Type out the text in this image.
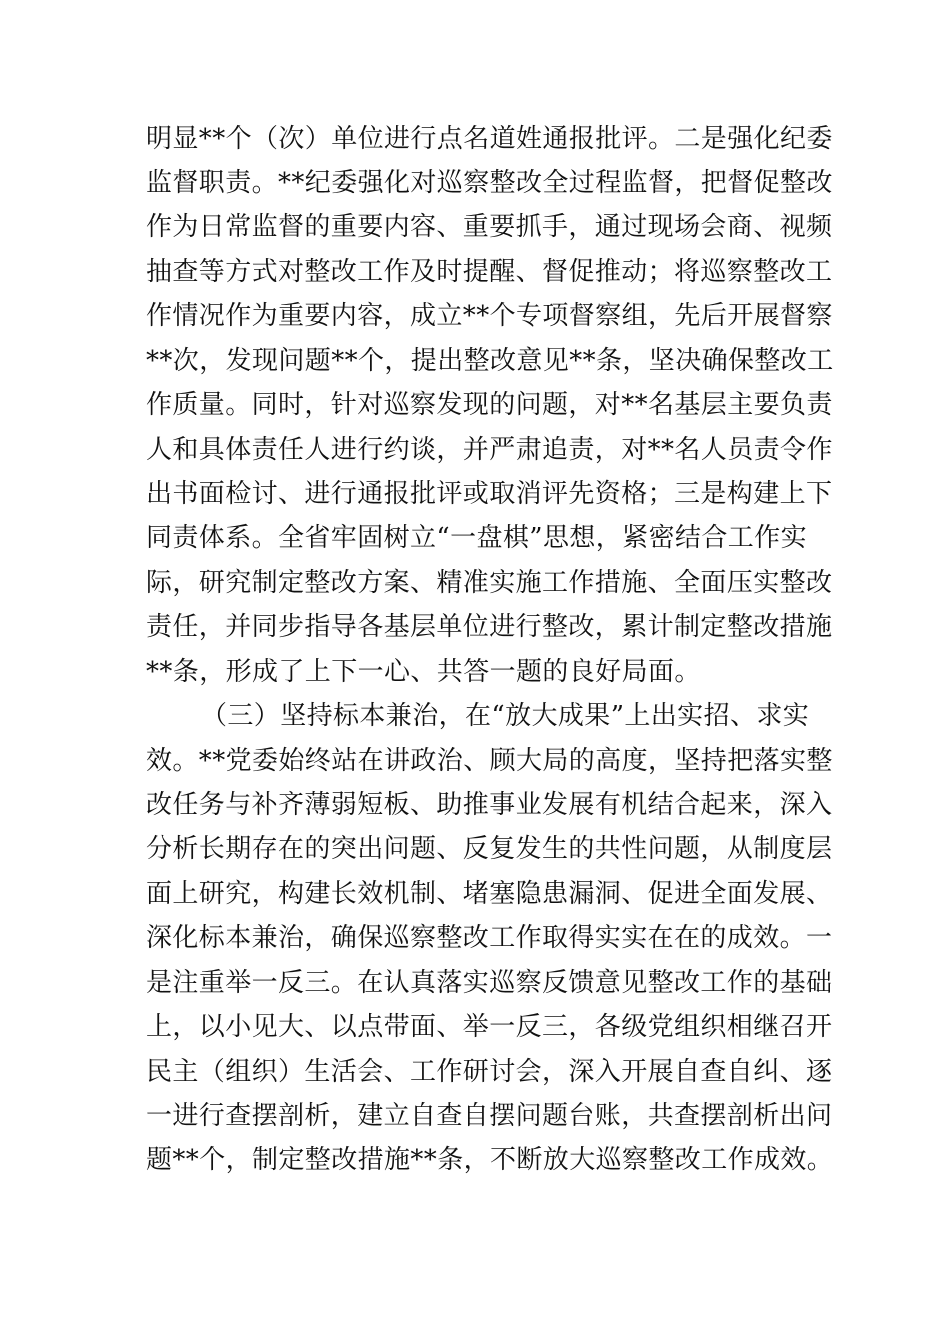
明显**个（次）单位进行点名道姓通报批评。二是强化纪委
监督职责。**纪委强化对巡察整改全过程监督，把督促整改
作为日常监督的重要内容、重要抓手，通过现场会商、视频
抽查等方式对整改工作及时提醒、督促推动；将巡察整改工
作情况作为重要内容，成立**个专项督察组，先后开展督察
**次，发现问题**个，提出整改意见**条，坚决确保整改工
作质量。同时，针对巡察发现的问题，对**名基层主要负责
人和具体责任人进行约谈，并严肃追责，对**名人员责令作
出书面检讨、进行通报批评或取消评先资格；三是构建上下
同责体系。全省牢固树立“一盘棋”思想，紧密结合工作实
际，研究制定整改方案、精准实施工作措施、全面压实整改
责任，并同步指导各基层单位进行整改，累计制定整改措施
**条，形成了上下一心、共答一题的良好局面。
（三）坚持标本兼治，在“放大成果”上出实招、求实
效。**党委始终站在讲政治、顾大局的高度，坚持把落实整
改任务与补齐薄弱短板、助推事业发展有机结合起来，深入
分析长期存在的突出问题、反复发生的共性问题，从制度层
面上研究，构建长效机制、堵塞隐患漏洞、促进全面发展、
深化标本兼治，确保巡察整改工作取得实实在在的成效。一
是注重举一反三。在认真落实巡察反馈意见整改工作的基础
上，以小见大、以点带面、举一反三，各级党组织相继召开
民主（组织）生活会、工作研讨会，深入开展自查自纠、逐
一进行查摆剖析，建立自查自摆问题台账，共查摆剖析出问
题**个，制定整改措施**条，不断放大巡察整改工作成效。
